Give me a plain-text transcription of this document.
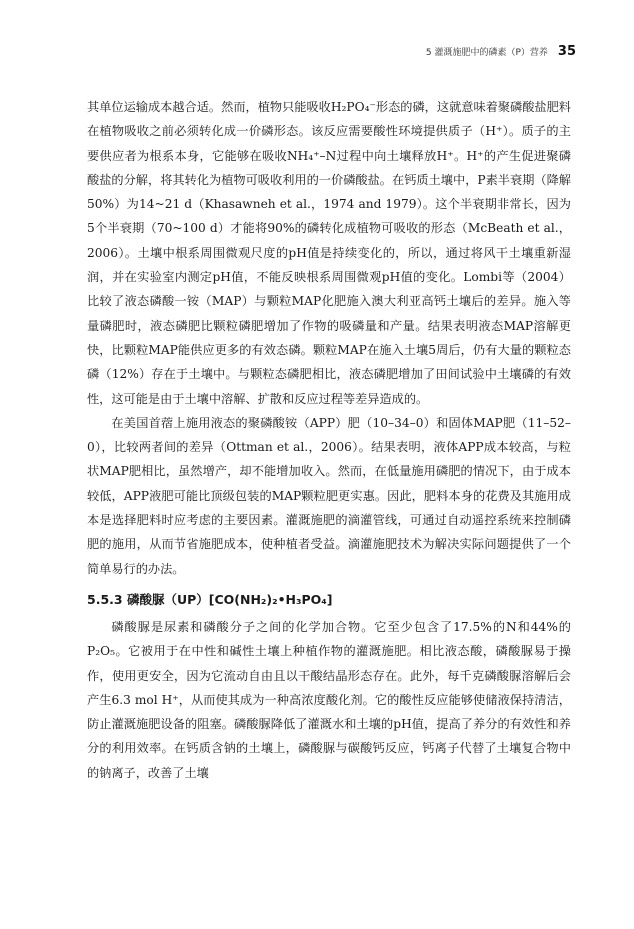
5 灌溉施肥中的磷素（P）营养 35

其单位运输成本越合适。然而，植物只能吸收H₂PO₄⁻形态的磷，这就意味着聚磷酸盐肥料在植物吸收之前必须转化成一价磷形态。该反应需要酸性环境提供质子（H⁺）。质子的主要供应者为根系本身，它能够在吸收NH₄⁺–N过程中向土壤释放H⁺。H⁺的产生促进聚磷酸盐的分解，将其转化为植物可吸收利用的一价磷酸盐。在钙质土壤中，P素半衰期（降解50%）为14~21 d（Khasawneh et al.，1974 and 1979）。这个半衰期非常长，因为5个半衰期（70~100 d）才能将90%的磷转化成植物可吸收的形态（McBeath et al.，2006）。土壤中根系周围微观尺度的pH值是持续变化的，所以，通过将风干土壤重新湿润，并在实验室内测定pH值，不能反映根系周围微观pH值的变化。Lombi等（2004）比较了液态磷酸一铵（MAP）与颗粒MAP化肥施入澳大利亚高钙土壤后的差异。施入等量磷肥时，液态磷肥比颗粒磷肥增加了作物的吸磷量和产量。结果表明液态MAP溶解更快，比颗粒MAP能供应更多的有效态磷。颗粒MAP在施入土壤5周后，仍有大量的颗粒态磷（12%）存在于土壤中。与颗粒态磷肥相比，液态磷肥增加了田间试验中土壤磷的有效性，这可能是由于土壤中溶解、扩散和反应过程等差异造成的。

在美国首蓿上施用液态的聚磷酸铵（APP）肥（10–34–0）和固体MAP肥（11–52–0），比较两者间的差异（Ottman et al.，2006）。结果表明，液体APP成本较高，与粒状MAP肥相比，虽然增产，却不能增加收入。然而，在低量施用磷肥的情况下，由于成本较低，APP液肥可能比顶级包装的MAP颗粒肥更实惠。因此，肥料本身的花费及其施用成本是选择肥料时应考虑的主要因素。灌溉施肥的滴灌管线，可通过自动遥控系统来控制磷肥的施用，从而节省施肥成本，使种植者受益。滴灌施肥技术为解决实际问题提供了一个简单易行的办法。

5.5.3 磷酸脲（UP）[CO(NH₂)₂•H₃PO₄]

磷酸脲是尿素和磷酸分子之间的化学加合物。它至少包含了17.5%的N和44%的P₂O₅。它被用于在中性和碱性土壤上种植作物的灌溉施肥。相比液态酸，磷酸脲易于操作，使用更安全，因为它流动自由且以干酸结晶形态存在。此外，每千克磷酸脲溶解后会产生6.3 mol H⁺，从而使其成为一种高浓度酸化剂。它的酸性反应能够使储液保持清洁，防止灌溉施肥设备的阻塞。磷酸脲降低了灌溉水和土壤的pH值，提高了养分的有效性和养分的利用效率。在钙质含钠的土壤上，磷酸脲与碳酸钙反应，钙离子代替了土壤复合物中的钠离子，改善了土壤
